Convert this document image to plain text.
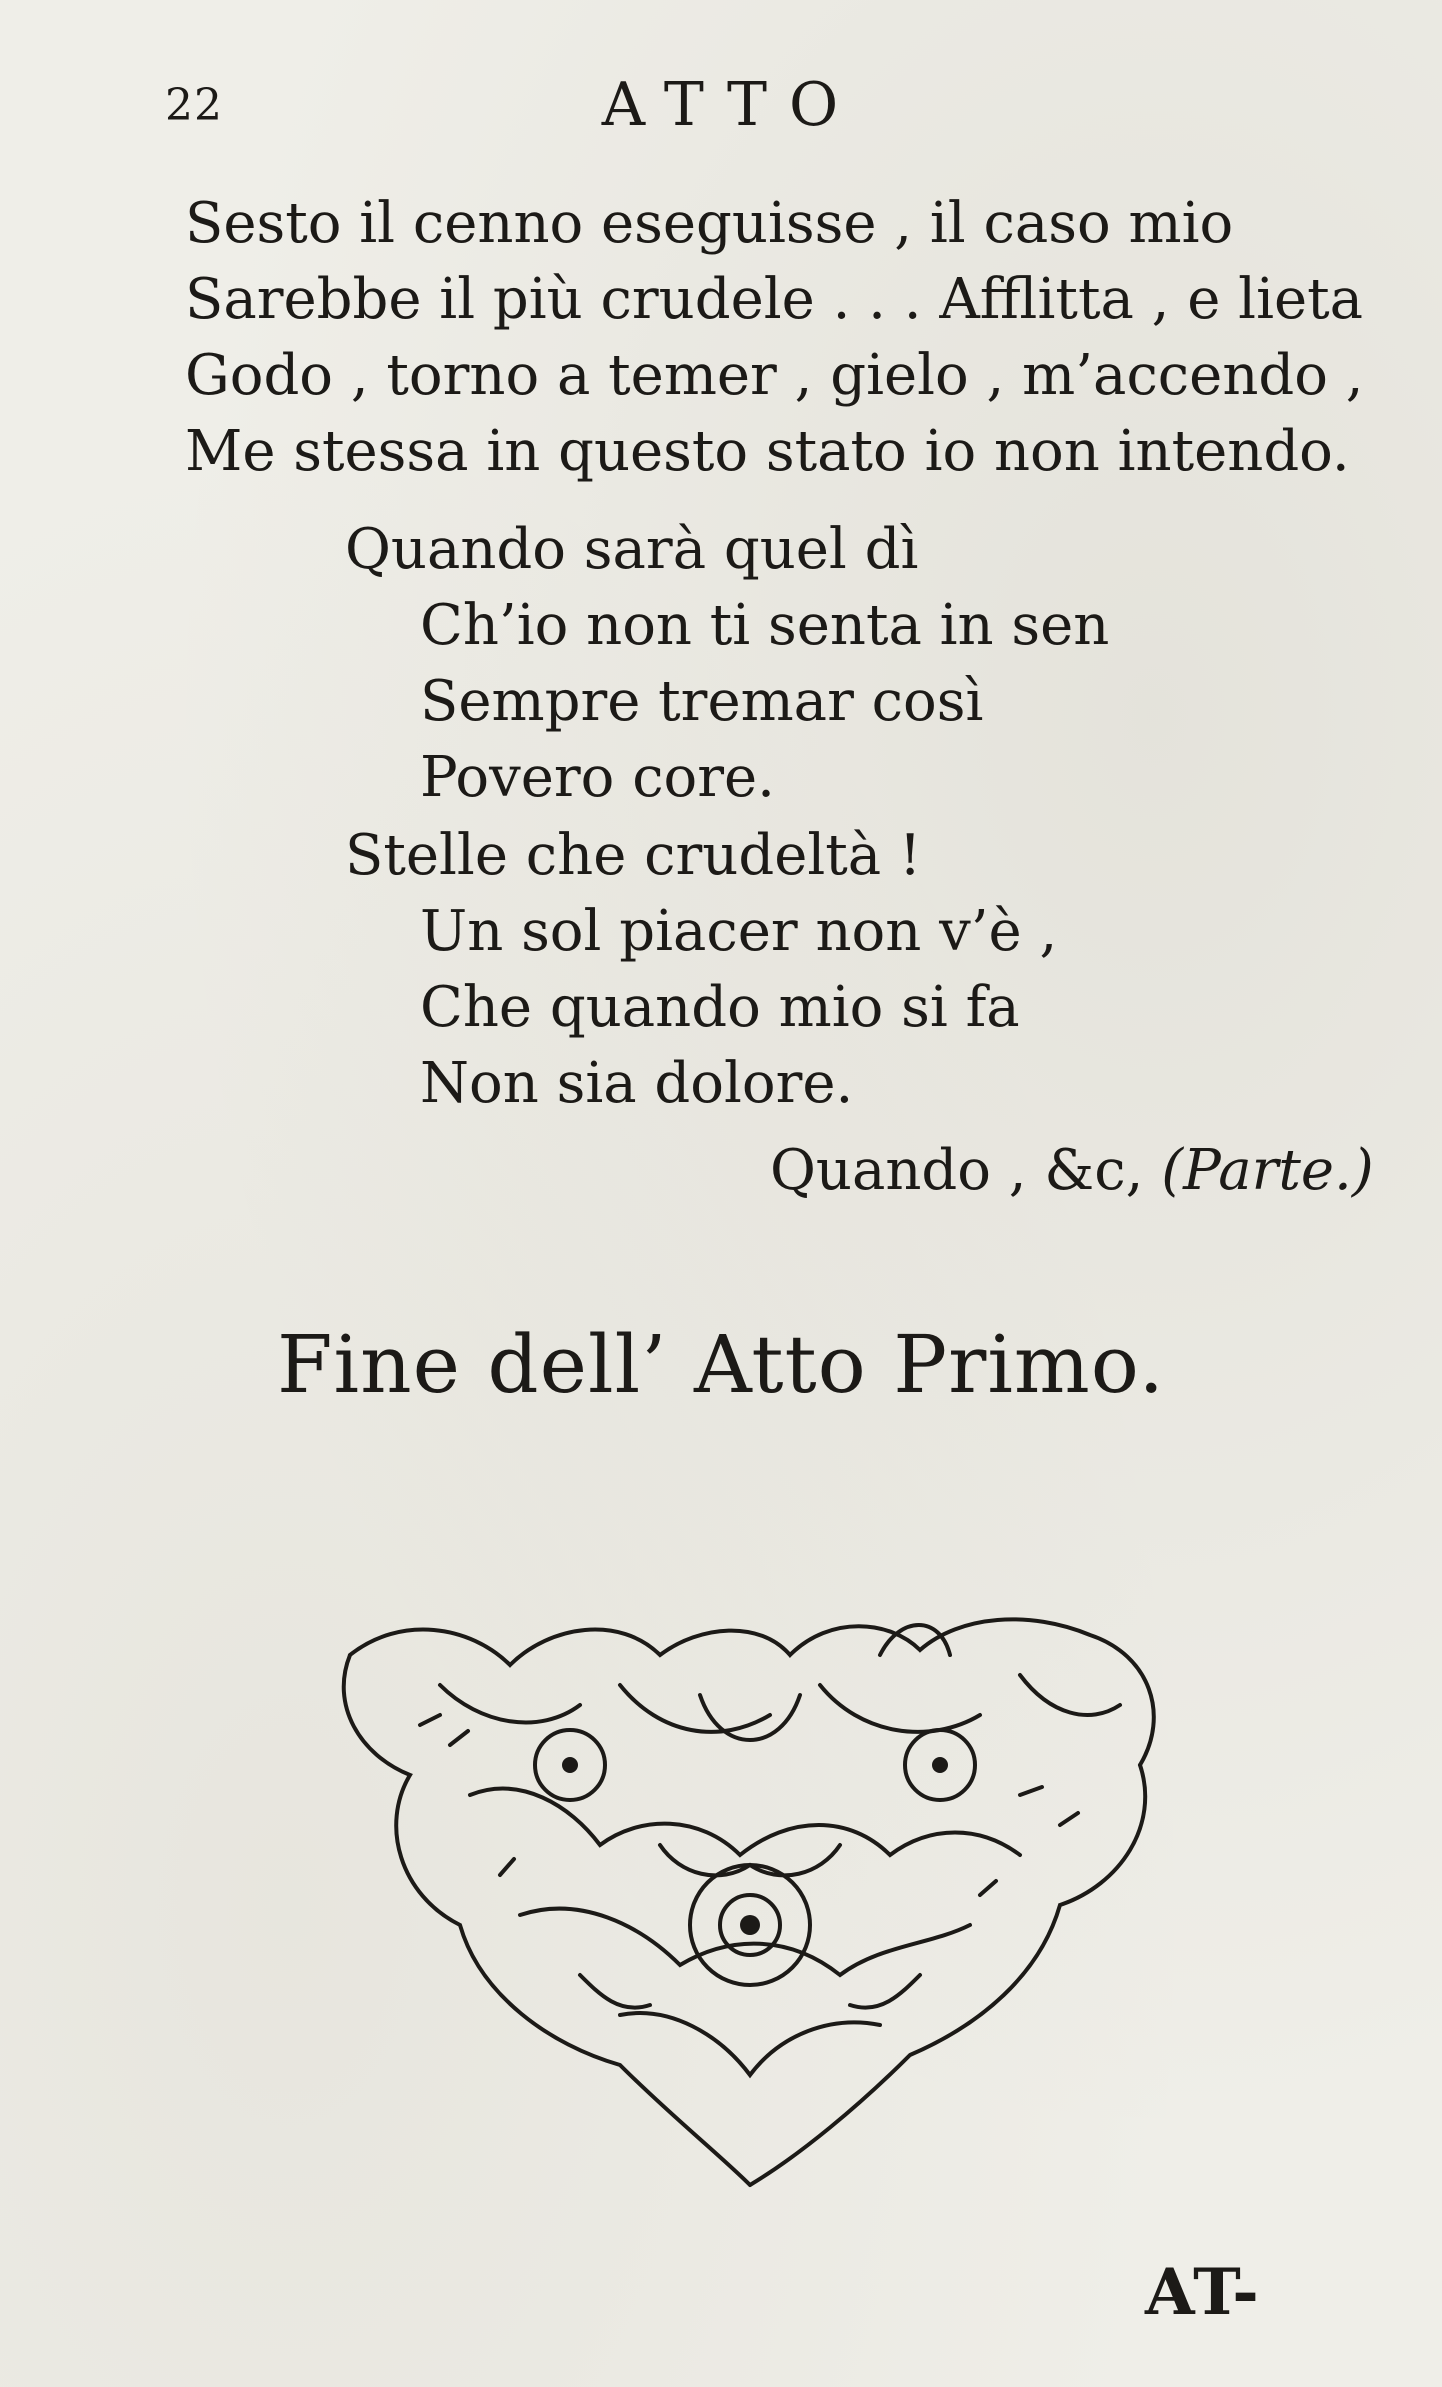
22	ATTO
Sesto il cenno eseguisse , il caso mio
Sarebbe il più crudele . . . Afflitta , e lieta
Godo , torno a temer , gielo , m’accendo ,
Me stessa in questo stato io non intendo.
Quando sarà quel dì
Ch’io non ti senta in sen
Sempre tremar così
Povero core.
Stelle che crudeltà !
Un sol piacer non v’è ,
Che quando mio si fa
Non sia dolore.
Quando , &c, (Parte.)
Fine dell’ Atto Primo.
AT-
